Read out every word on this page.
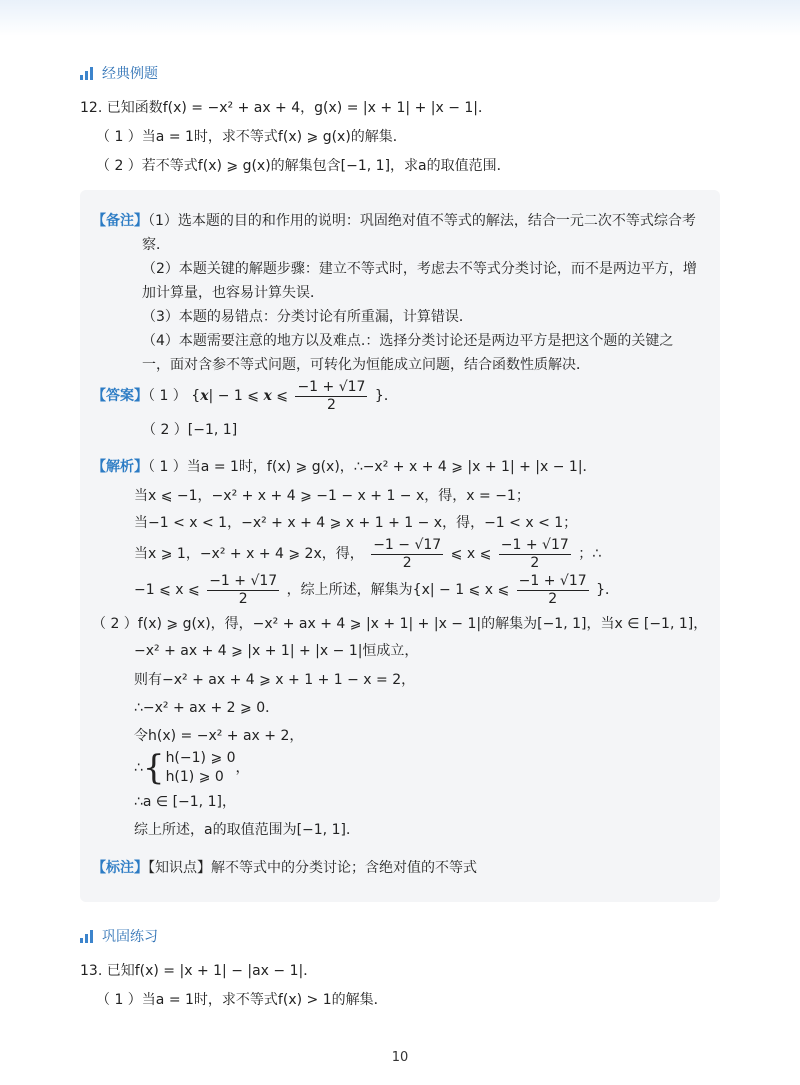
经典例题
12. 已知函数f(x) = −x² + ax + 4，g(x) = |x + 1| + |x − 1|．
（ 1 ）当a = 1时，求不等式f(x) ⩾ g(x)的解集．
（ 2 ）若不等式f(x) ⩾ g(x)的解集包含[−1, 1]，求a的取值范围．
【备注】（1）选本题的目的和作用的说明：巩固绝对值不等式的解法，结合一元二次不等式综合考
察．
（2）本题关键的解题步骤：建立不等式时，考虑去不等式分类讨论，而不是两边平方，增
加计算量，也容易计算失误．
（3）本题的易错点：分类讨论有所重漏，计算错误．
（4）本题需要注意的地方以及难点.：选择分类讨论还是两边平方是把这个题的关键之
一，面对含参不等式问题，可转化为恒能成立问题，结合函数性质解决．
【答案】（ 1 ） {x| − 1 ⩽ x ⩽ $\frac{-1 + √17}{2}$ }．
（ 2 ）[−1, 1]
【解析】（ 1 ）当a = 1时，f(x) ⩾ g(x)，∴−x² + x + 4 ⩾ |x + 1| + |x − 1|．
当x ⩽ −1，−x² + x + 4 ⩾ −1 − x + 1 − x，得，x = −1；
当−1 < x < 1，−x² + x + 4 ⩾ x + 1 + 1 − x，得，−1 < x < 1；
当x ⩾ 1，−x² + x + 4 ⩾ 2x，得， $\frac{-1 - √17}{2}$ ⩽ x ⩽ $\frac{-1 + √17}{2}$ ；∴
−1 ⩽ x ⩽ $\frac{-1 + √17}{2}$ ，综上所述，解集为{x| − 1 ⩽ x ⩽ $\frac{-1 + √17}{2}$ }．
（ 2 ）f(x) ⩾ g(x)，得，−x² + ax + 4 ⩾ |x + 1| + |x − 1|的解集为[−1, 1]，当x ∈ [−1, 1]，
−x² + ax + 4 ⩾ |x + 1| + |x − 1|恒成立，
则有−x² + ax + 4 ⩾ x + 1 + 1 − x = 2，
∴−x² + ax + 2 ⩾ 0．
令h(x) = −x² + ax + 2，
∴ { h(−1) ⩾ 0
h(1) ⩾ 0
，
∴a ∈ [−1, 1]，
综上所述，a的取值范围为[−1, 1]．
【标注】【知识点】解不等式中的分类讨论；含绝对值的不等式
巩固练习
13. 已知f(x) = |x + 1| − |ax − 1|．
（ 1 ）当a = 1时，求不等式f(x) > 1的解集．
10
